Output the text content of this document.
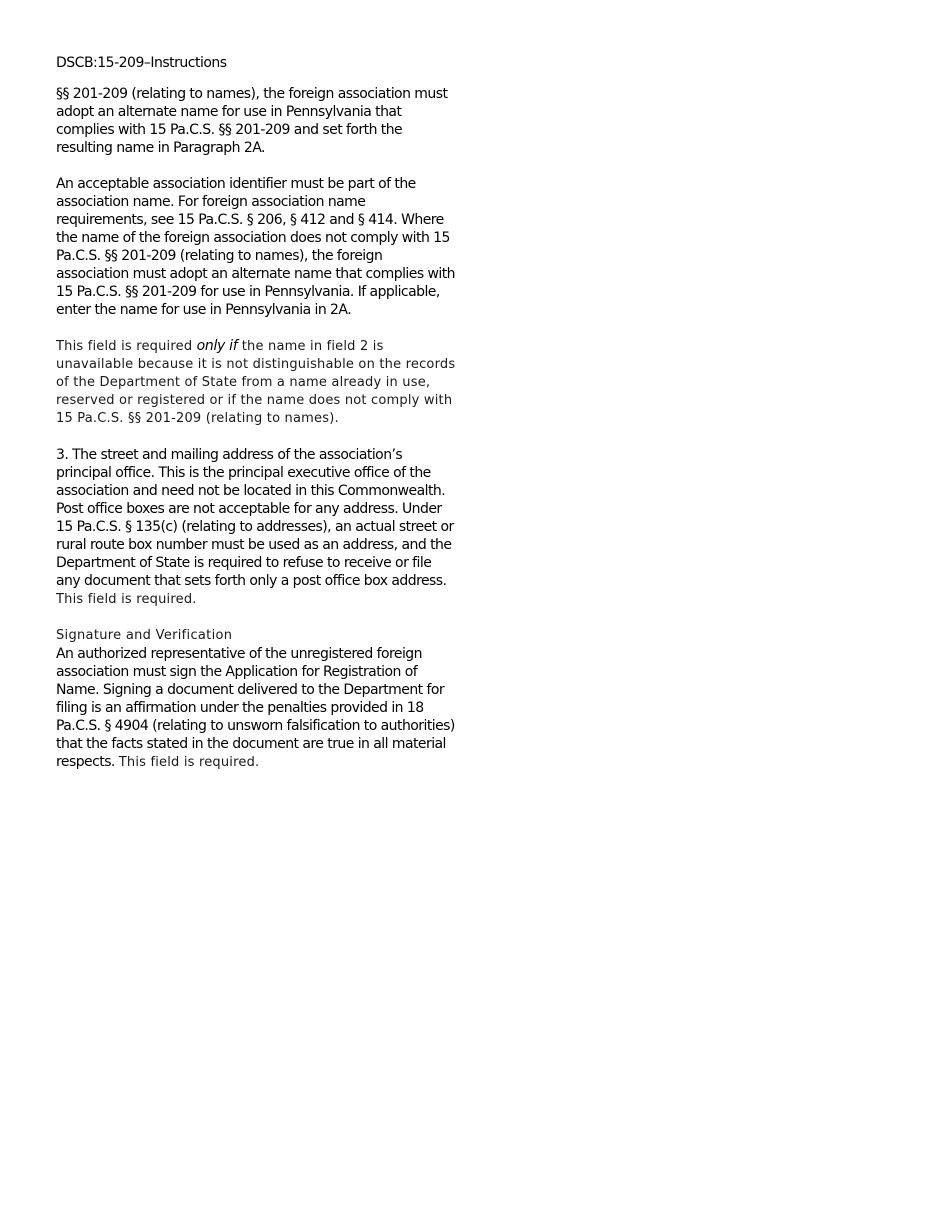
DSCB:15-209–Instructions

§§ 201-209 (relating to names), the foreign association must adopt an alternate name for use in Pennsylvania that complies with 15 Pa.C.S. §§ 201-209 and set forth the resulting name in Paragraph 2A.

An acceptable association identifier must be part of the association name. For foreign association name requirements, see 15 Pa.C.S. § 206, § 412 and § 414. Where the name of the foreign association does not comply with 15 Pa.C.S. §§ 201-209 (relating to names), the foreign association must adopt an alternate name that complies with 15 Pa.C.S. §§ 201-209 for use in Pennsylvania. If applicable, enter the name for use in Pennsylvania in 2A.

This field is required only if the name in field 2 is unavailable because it is not distinguishable on the records of the Department of State from a name already in use, reserved or registered or if the name does not comply with 15 Pa.C.S. §§ 201-209 (relating to names).

3. The street and mailing address of the association’s principal office. This is the principal executive office of the association and need not be located in this Commonwealth. Post office boxes are not acceptable for any address. Under 15 Pa.C.S. § 135(c) (relating to addresses), an actual street or rural route box number must be used as an address, and the Department of State is required to refuse to receive or file any document that sets forth only a post office box address. This field is required.

Signature and Verification

An authorized representative of the unregistered foreign association must sign the Application for Registration of Name. Signing a document delivered to the Department for filing is an affirmation under the penalties provided in 18 Pa.C.S. § 4904 (relating to unsworn falsification to authorities) that the facts stated in the document are true in all material respects. This field is required.
